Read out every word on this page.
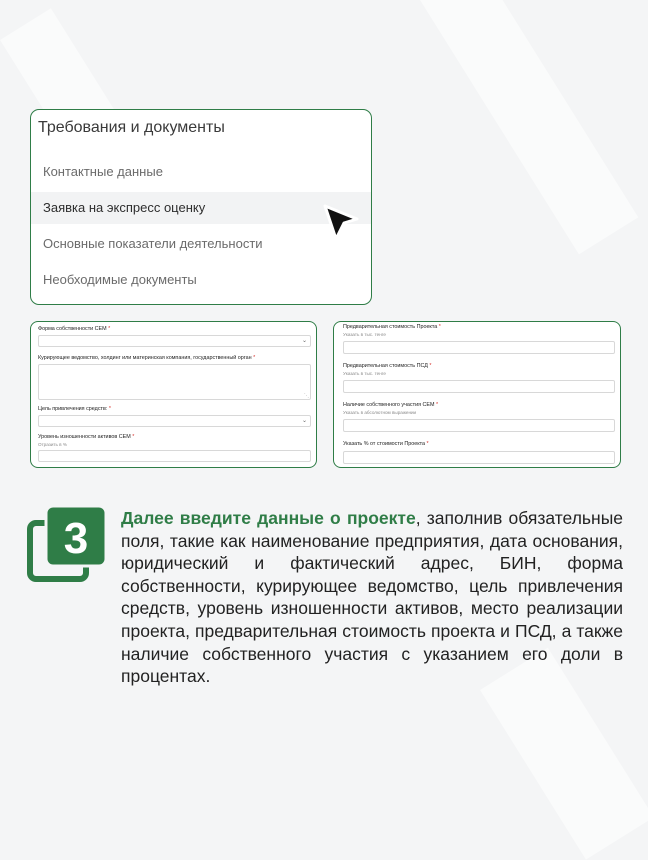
Требования и документы
Контактные данные
Заявка на экспресс оценку
Основные показатели деятельности
Необходимые документы
Форма собственности СЕМ *
⌄
Курирующее ведомство, холдинг или материнская компания, государственный орган *
⋱
Цель привлечения средств: *
⌄
Уровень изношенности активов СЕМ *
Отразить в %
Предварительная стоимость Проекта *
Указать в тыс. тенге
Предварительная стоимость ПСД *
Указать в тыс. тенге
Наличие собственного участия СЕМ *
Указать в абсолютном выражении
Указать % от стоимости Проекта *
3 Далее введите данные о проекте, заполнив обязательные поля, такие как наименование предприятия, дата основания, юридический и фактический адрес, БИН, форма собственности, курирующее ведомство, цель привлечения средств, уровень изношенности активов, место реализации проекта, предварительная стоимость проекта и ПСД, а также наличие собственного участия с указанием его доли в процентах.
